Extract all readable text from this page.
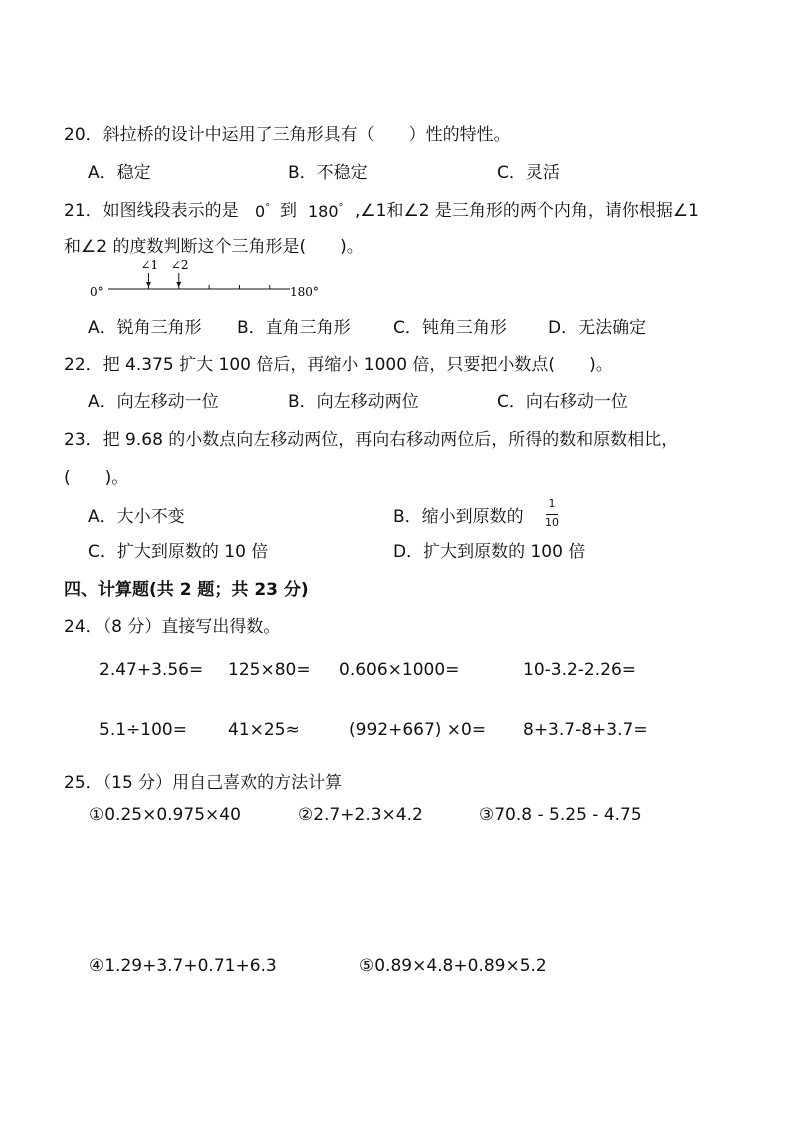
20．斜拉桥的设计中运用了三角形具有（　　）性的特性。
A．稳定	B．不稳定	C．灵活
21．如图线段表示的是 0° 到 180° ,∠1和∠2 是三角形的两个内角，请你根据∠1
和∠2 的度数判断这个三角形是(　　)。
0°	180°
∠1 ∠2
A．锐角三角形 B．直角三角形 C．钝角三角形 D．无法确定
22．把 4.375 扩大 100 倍后，再缩小 1000 倍，只要把小数点(　　)。
A．向左移动一位	B．向左移动两位	C．向右移动一位
23．把 9.68 的小数点向左移动两位，再向右移动两位后，所得的数和原数相比，
(　　)。
A．大小不变	B．缩小到原数的
1
10
C．扩大到原数的 10 倍	D．扩大到原数的 100 倍
四、计算题(共 2 题；共 23 分)
24．（8 分）直接写出得数。
2.47+3.56= 125×80= 0.606×1000=	10-3.2-2.26=
5.1÷100= 41×25≈	(992+667) ×0= 8+3.7-8+3.7=
25．（15 分）用自己喜欢的方法计算
①0.25×0.975×40	②2.7+2.3×4.2	③70.8 - 5.25 - 4.75
④1.29+3.7+0.71+6.3	⑤0.89×4.8+0.89×5.2
